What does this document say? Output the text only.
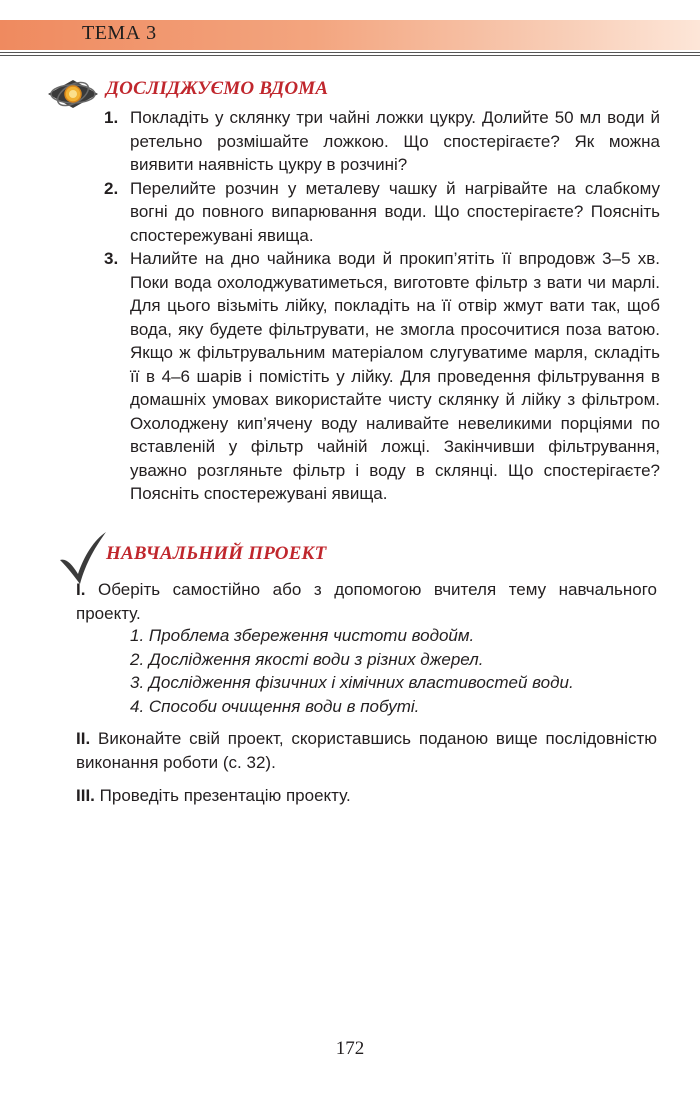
ТЕМА 3
ДОСЛІДЖУЄМО ВДОМА
1. Покладіть у склянку три чайні ложки цукру. Долийте 50 мл води й ретельно розмішайте ложкою. Що спостерігаєте? Як можна виявити наявність цукру в розчині?
2. Перелийте розчин у металеву чашку й нагрівайте на слабкому вогні до повного випарювання води. Що спостерігаєте? Поясніть спостережувані явища.
3. Налийте на дно чайника води й прокип’ятіть її впродовж 3–5 хв. Поки вода охолоджуватиметься, виготовте фільтр з вати чи марлі. Для цього візьміть лійку, покладіть на її отвір жмут вати так, щоб вода, яку будете фільтрувати, не змогла просочитися поза ватою. Якщо ж фільтрувальним матеріалом слугуватиме марля, складіть її в 4–6 шарів і помістіть у лійку. Для проведення фільтрування в домашніх умовах використайте чисту склянку й лійку з фільтром. Охолоджену кип’ячену воду наливайте невеликими порціями по вставленій у фільтр чайній ложці. Закінчивши фільтрування, уважно розгляньте фільтр і воду в склянці. Що спостерігаєте? Поясніть спостережувані явища.
НАВЧАЛЬНИЙ ПРОЕКТ
І. Оберіть самостійно або з допомогою вчителя тему навчального проекту.
1. Проблема збереження чистоти водойм.
2. Дослідження якості води з різних джерел.
3. Дослідження фізичних і хімічних властивостей води.
4. Способи очищення води в побуті.
ІІ. Виконайте свій проект, скориставшись поданою вище послідовністю виконання роботи (с. 32).
ІІІ. Проведіть презентацію проекту.
172
